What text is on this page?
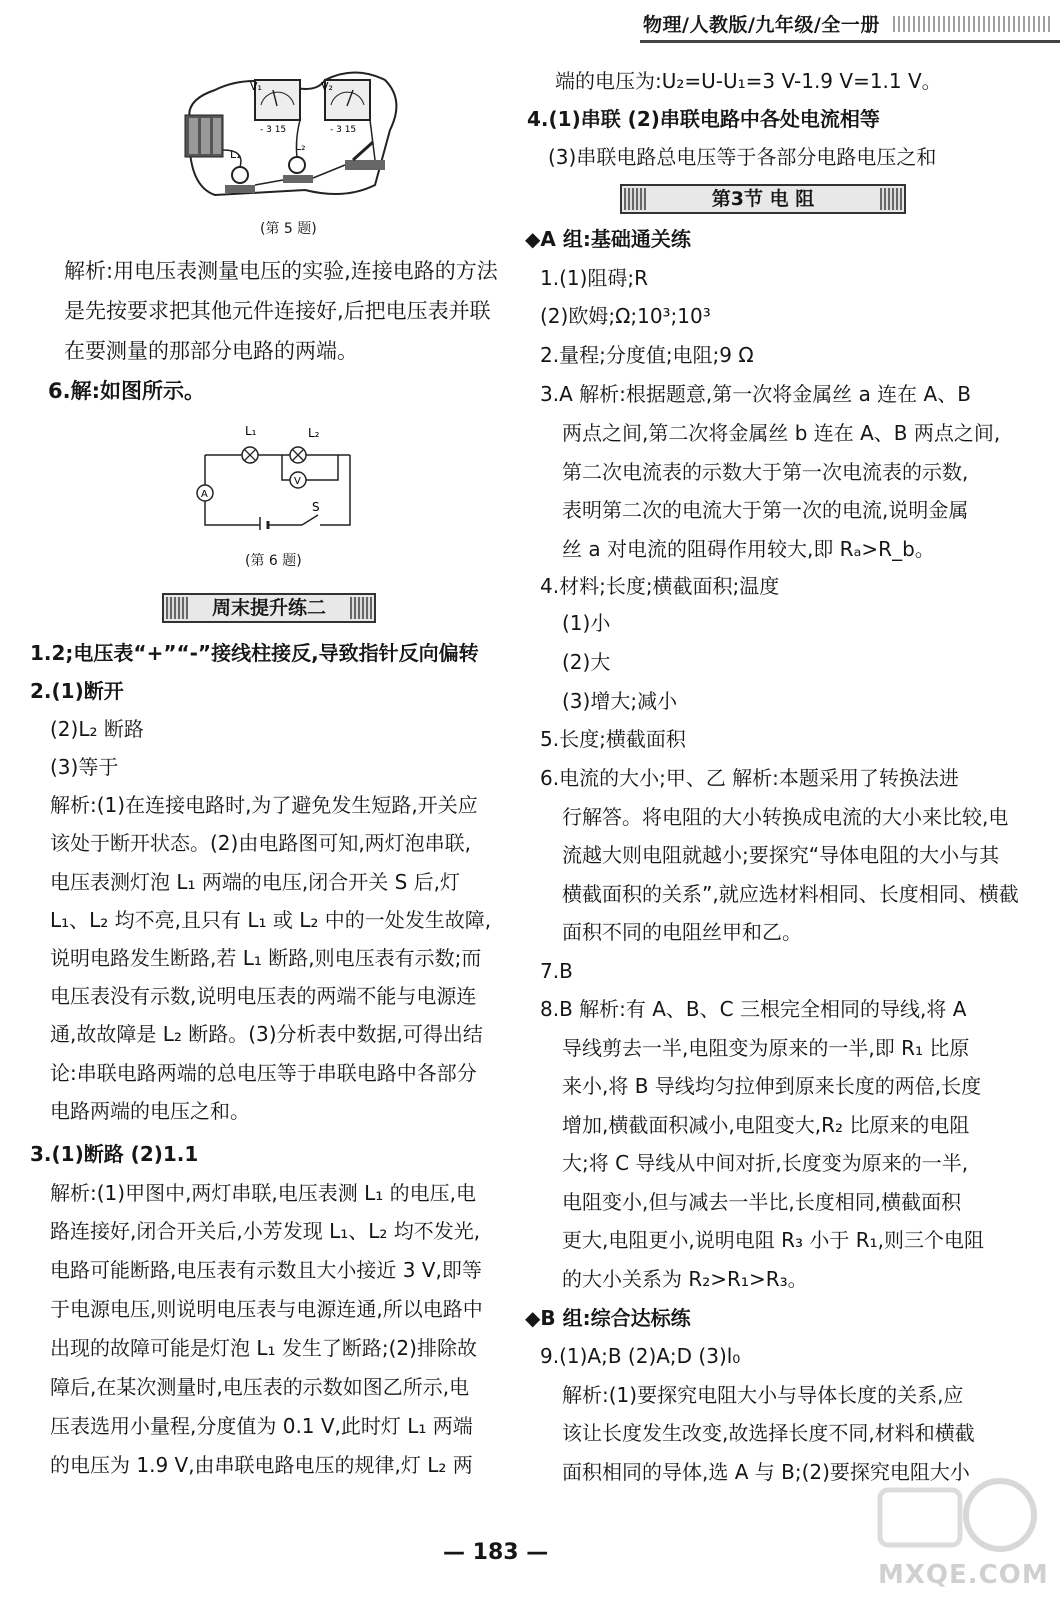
物理/人教版/九年级/全一册
V₁	V₂
- 3 15	- 3 15
L₁
L₂
(第 5 题)
解析:用电压表测量电压的实验,连接电路的方法
是先按要求把其他元件连接好,后把电压表并联
在要测量的那部分电路的两端。
6.解:如图所示。
L₁	L₂
A
V
S
(第 6 题)
周末提升练二
1.2;电压表“+”“-”接线柱接反,导致指针反向偏转
2.(1)断开
(2)L₂ 断路
(3)等于
解析:(1)在连接电路时,为了避免发生短路,开关应
该处于断开状态。(2)由电路图可知,两灯泡串联,
电压表测灯泡 L₁ 两端的电压,闭合开关 S 后,灯
L₁、L₂ 均不亮,且只有 L₁ 或 L₂ 中的一处发生故障,
说明电路发生断路,若 L₁ 断路,则电压表有示数;而
电压表没有示数,说明电压表的两端不能与电源连
通,故故障是 L₂ 断路。(3)分析表中数据,可得出结
论:串联电路两端的总电压等于串联电路中各部分
电路两端的电压之和。
3.(1)断路 (2)1.1
解析:(1)甲图中,两灯串联,电压表测 L₁ 的电压,电
路连接好,闭合开关后,小芳发现 L₁、L₂ 均不发光,
电路可能断路,电压表有示数且大小接近 3 V,即等
于电源电压,则说明电压表与电源连通,所以电路中
出现的故障可能是灯泡 L₁ 发生了断路;(2)排除故
障后,在某次测量时,电压表的示数如图乙所示,电
压表选用小量程,分度值为 0.1 V,此时灯 L₁ 两端
的电压为 1.9 V,由串联电路电压的规律,灯 L₂ 两
端的电压为:U₂=U-U₁=3 V-1.9 V=1.1 V。
4.(1)串联 (2)串联电路中各处电流相等
(3)串联电路总电压等于各部分电路电压之和
第3节 电 阻
◆A 组:基础通关练
1.(1)阻碍;R
(2)欧姆;Ω;10³;10³
2.量程;分度值;电阻;9 Ω
3.A 解析:根据题意,第一次将金属丝 a 连在 A、B
两点之间,第二次将金属丝 b 连在 A、B 两点之间,
第二次电流表的示数大于第一次电流表的示数,
表明第二次的电流大于第一次的电流,说明金属
丝 a 对电流的阻碍作用较大,即 Rₐ>R_b。
4.材料;长度;横截面积;温度
(1)小
(2)大
(3)增大;减小
5.长度;横截面积
6.电流的大小;甲、乙 解析:本题采用了转换法进
行解答。将电阻的大小转换成电流的大小来比较,电
流越大则电阻就越小;要探究“导体电阻的大小与其
横截面积的关系”,就应选材料相同、长度相同、横截
面积不同的电阻丝甲和乙。
7.B
8.B 解析:有 A、B、C 三根完全相同的导线,将 A
导线剪去一半,电阻变为原来的一半,即 R₁ 比原
来小,将 B 导线均匀拉伸到原来长度的两倍,长度
增加,横截面积减小,电阻变大,R₂ 比原来的电阻
大;将 C 导线从中间对折,长度变为原来的一半,
电阻变小,但与减去一半比,长度相同,横截面积
更大,电阻更小,说明电阻 R₃ 小于 R₁,则三个电阻
的大小关系为 R₂>R₁>R₃。
◆B 组:综合达标练
9.(1)A;B (2)A;D (3)l₀
解析:(1)要探究电阻大小与导体长度的关系,应
该让长度发生改变,故选择长度不同,材料和横截
面积相同的导体,选 A 与 B;(2)要探究电阻大小
— 183 —
MXQE.COM
